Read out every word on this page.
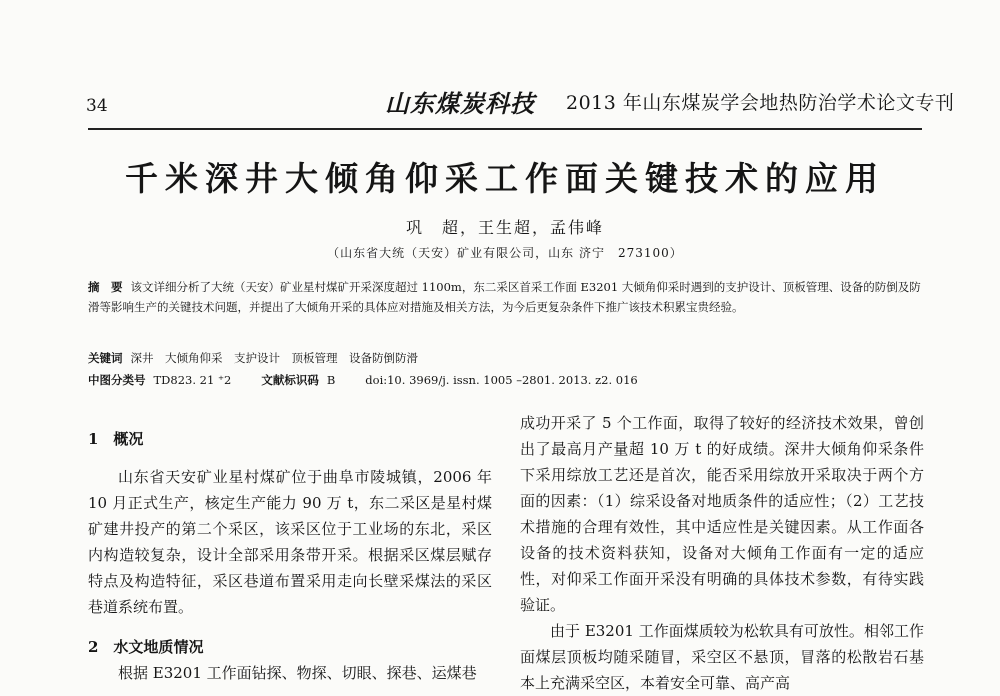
34	山东煤炭科技 2013 年山东煤炭学会地热防治学术论文专刊
千米深井大倾角仰采工作面关键技术的应用
巩　超，王生超，孟伟峰
（山东省大统（天安）矿业有限公司，山东 济宁　273100）
摘　要 该文详细分析了大统（天安）矿业星村煤矿开采深度超过 1100m，东二采区首采工作面 E3201 大倾角仰采时遇到的支护设计、顶板管理、设备的防倒及防滑等影响生产的关键技术问题，并提出了大倾角开采的具体应对措施及相关方法，为今后更复杂条件下推广该技术积累宝贵经验。
关键词 深井　大倾角仰采　支护设计　顶板管理　设备防倒防滑
中图分类号 TD823. 21 ⁺2	文献标识码 B	doi:10. 3969/j. issn. 1005 –2801. 2013. z2. 016

1　概况

山东省天安矿业星村煤矿位于曲阜市陵城镇，2006 年 10 月正式生产，核定生产能力 90 万 t，东二采区是星村煤矿建井投产的第二个采区，该采区位于工业场的东北，采区内构造较复杂，设计全部采用条带开采。根据采区煤层赋存特点及构造特征，采区巷道布置采用走向长壁采煤法的采区巷道系统布置。

2　水文地质情况

根据 E3201 工作面钻探、物探、切眼、探巷、运煤巷

成功开采了 5 个工作面，取得了较好的经济技术效果，曾创出了最高月产量超 10 万 t 的好成绩。深井大倾角仰采条件下采用综放工艺还是首次，能否采用综放开采取决于两个方面的因素：（1）综采设备对地质条件的适应性；（2）工艺技术措施的合理有效性，其中适应性是关键因素。从工作面各设备的技术资料获知，设备对大倾角工作面有一定的适应性，对仰采工作面开采没有明确的具体技术参数，有待实践验证。

由于 E3201 工作面煤质较为松软具有可放性。相邻工作面煤层顶板均随采随冒，采空区不悬顶，冒落的松散岩石基本上充满采空区，本着安全可靠、高产高
